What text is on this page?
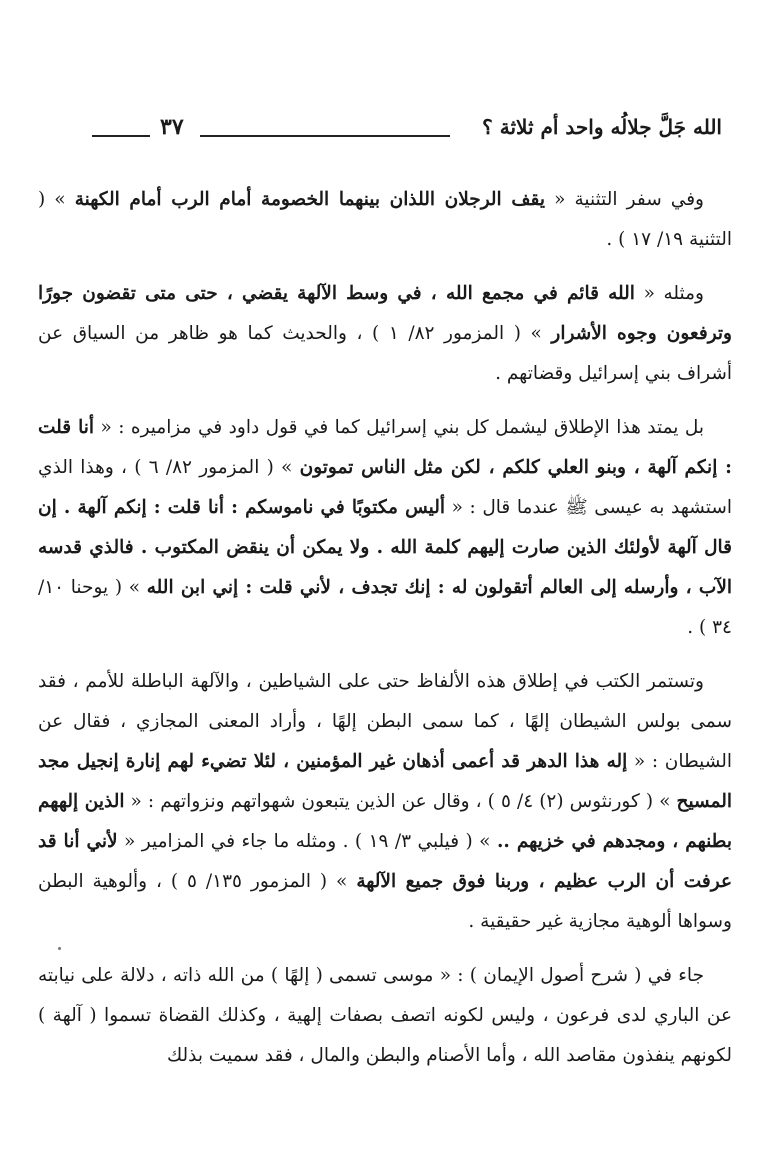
٣٧	الله جَلَّ جلالُه واحد أم ثلاثة ؟

وفي سفر التثنية « يقف الرجلان اللذان بينهما الخصومة أمام الرب أمام الكهنة » ( التثنية ١٩/ ١٧ ) .

ومثله « الله قائم في مجمع الله ، في وسط الآلهة يقضي ، حتى متى تقضون جورًا وترفعون وجوه الأشرار » ( المزمور ٨٢/ ١ ) ، والحديث كما هو ظاهر من السياق عن أشراف بني إسرائيل وقضاتهم .

بل يمتد هذا الإطلاق ليشمل كل بني إسرائيل كما في قول داود في مزاميره : « أنا قلت : إنكم آلهة ، وبنو العلي كلكم ، لكن مثل الناس تموتون » ( المزمور ٨٢/ ٦ ) ، وهذا الذي استشهد به عيسى ﷺ عندما قال : « أليس مكتوبًا في ناموسكم : أنا قلت : إنكم آلهة . إن قال آلهة لأولئك الذين صارت إليهم كلمة الله . ولا يمكن أن ينقض المكتوب . فالذي قدسه الآب ، وأرسله إلى العالم أتقولون له : إنك تجدف ، لأني قلت : إني ابن الله » ( يوحنا ١٠/ ٣٤ ) .

وتستمر الكتب في إطلاق هذه الألفاظ حتى على الشياطين ، والآلهة الباطلة للأمم ، فقد سمى بولس الشيطان إلهًا ، كما سمى البطن إلهًا ، وأراد المعنى المجازي ، فقال عن الشيطان : « إله هذا الدهر قد أعمى أذهان غير المؤمنين ، لئلا تضيء لهم إنارة إنجيل مجد المسيح » ( كورنثوس (٢) ٤/ ٥ ) ، وقال عن الذين يتبعون شهواتهم ونزواتهم : « الذين إلههم بطنهم ، ومجدهم في خزيهم .. » ( فيلبي ٣/ ١٩ ) . ومثله ما جاء في المزامير « لأني أنا قد عرفت أن الرب عظيم ، وربنا فوق جميع الآلهة » ( المزمور ١٣٥/ ٥ ) ، وألوهية البطن وسواها ألوهية مجازية غير حقيقية .

جاء في ( شرح أصول الإيمان ) : « موسى تسمى ( إلهًا ) من الله ذاته ، دلالة على نيابته عن الباري لدى فرعون ، وليس لكونه اتصف بصفات إلهية ، وكذلك القضاة تسموا ( آلهة ) لكونهم ينفذون مقاصد الله ، وأما الأصنام والبطن والمال ، فقد سميت بذلك
